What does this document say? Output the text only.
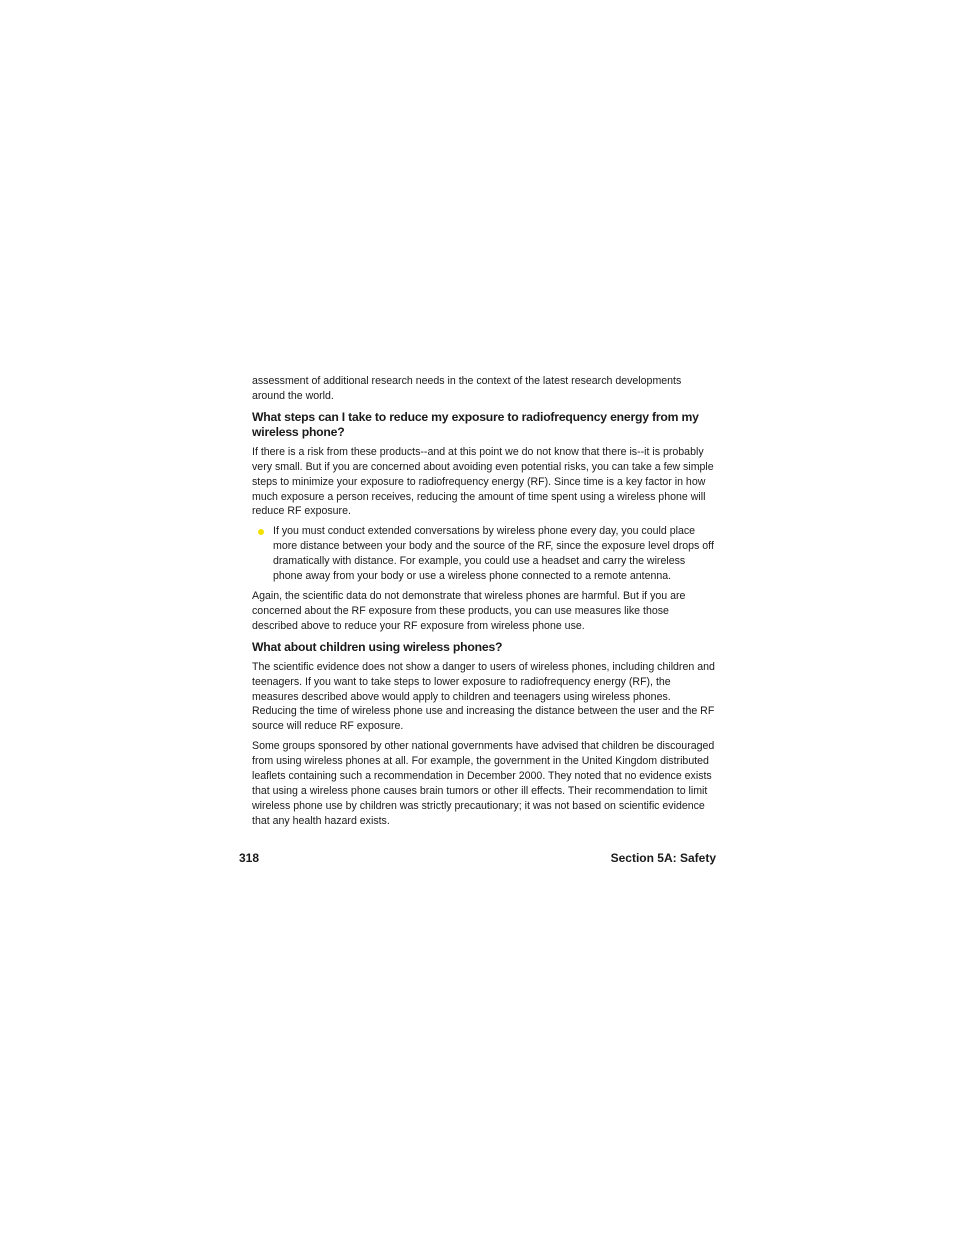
assessment of additional research needs in the context of the latest research developments around the world.

What steps can I take to reduce my exposure to radiofrequency energy from my wireless phone?

If there is a risk from these products--and at this point we do not know that there is--it is probably very small. But if you are concerned about avoiding even potential risks, you can take a few simple steps to minimize your exposure to radiofrequency energy (RF). Since time is a key factor in how much exposure a person receives, reducing the amount of time spent using a wireless phone will reduce RF exposure.

If you must conduct extended conversations by wireless phone every day, you could place more distance between your body and the source of the RF, since the exposure level drops off dramatically with distance. For example, you could use a headset and carry the wireless phone away from your body or use a wireless phone connected to a remote antenna.

Again, the scientific data do not demonstrate that wireless phones are harmful. But if you are concerned about the RF exposure from these products, you can use measures like those described above to reduce your RF exposure from wireless phone use.

What about children using wireless phones?

The scientific evidence does not show a danger to users of wireless phones, including children and teenagers. If you want to take steps to lower exposure to radiofrequency energy (RF), the measures described above would apply to children and teenagers using wireless phones. Reducing the time of wireless phone use and increasing the distance between the user and the RF source will reduce RF exposure.

Some groups sponsored by other national governments have advised that children be discouraged from using wireless phones at all. For example, the government in the United Kingdom distributed leaflets containing such a recommendation in December 2000. They noted that no evidence exists that using a wireless phone causes brain tumors or other ill effects. Their recommendation to limit wireless phone use by children was strictly precautionary; it was not based on scientific evidence that any health hazard exists.

318	Section 5A: Safety
